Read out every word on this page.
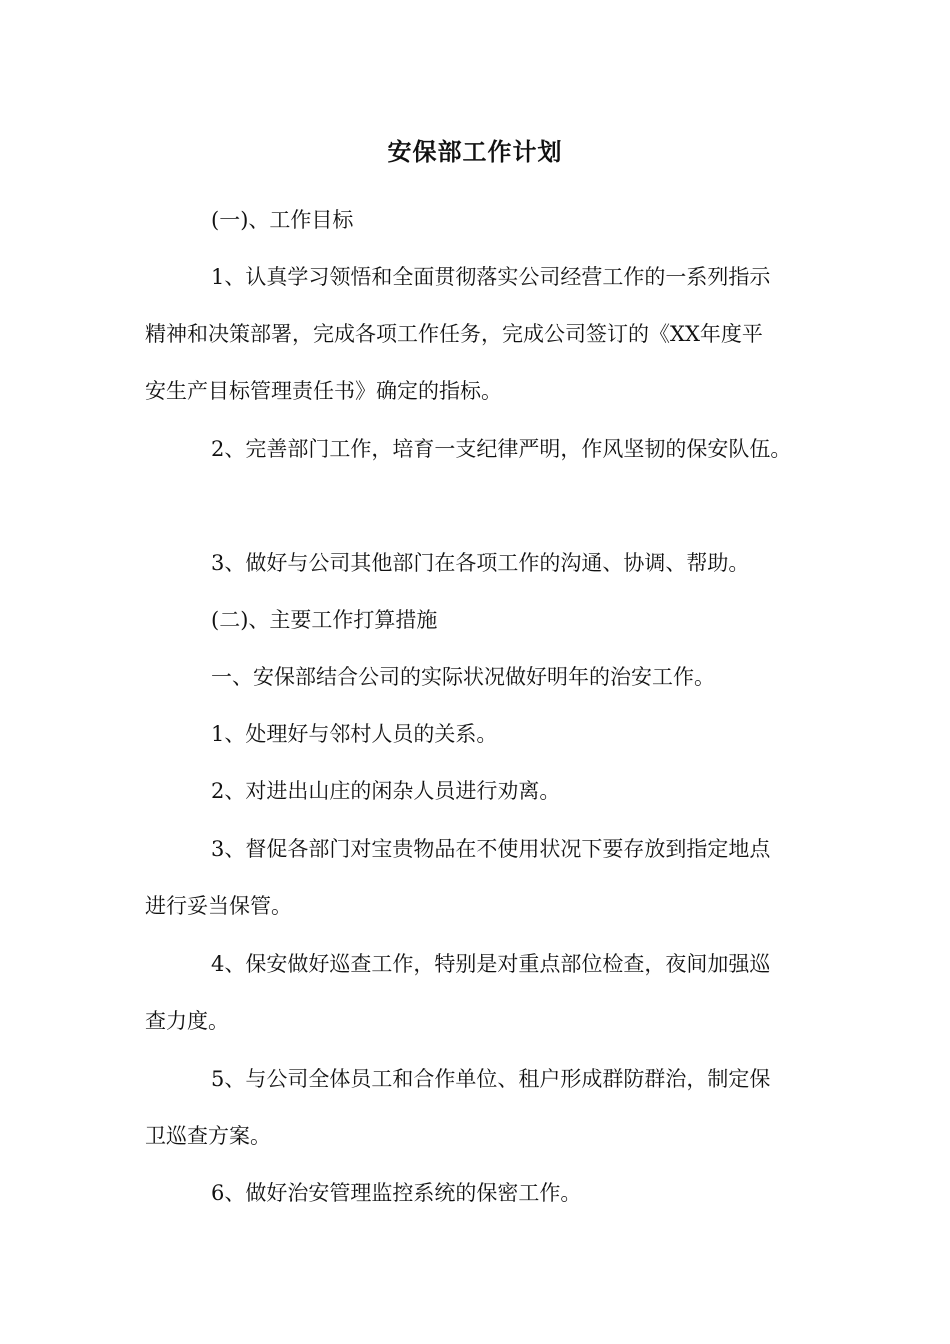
安保部工作计划

(一)、工作目标

1、认真学习领悟和全面贯彻落实公司经营工作的一系列指示
精神和决策部署，完成各项工作任务，完成公司签订的《XX年度平
安生产目标管理责任书》确定的指标。

2、完善部门工作，培育一支纪律严明，作风坚韧的保安队伍。

3、做好与公司其他部门在各项工作的沟通、协调、帮助。

(二)、主要工作打算措施

一、安保部结合公司的实际状况做好明年的治安工作。

1、处理好与邻村人员的关系。

2、对进出山庄的闲杂人员进行劝离。

3、督促各部门对宝贵物品在不使用状况下要存放到指定地点
进行妥当保管。

4、保安做好巡查工作，特别是对重点部位检查，夜间加强巡
查力度。

5、与公司全体员工和合作单位、租户形成群防群治，制定保
卫巡查方案。

6、做好治安管理监控系统的保密工作。
